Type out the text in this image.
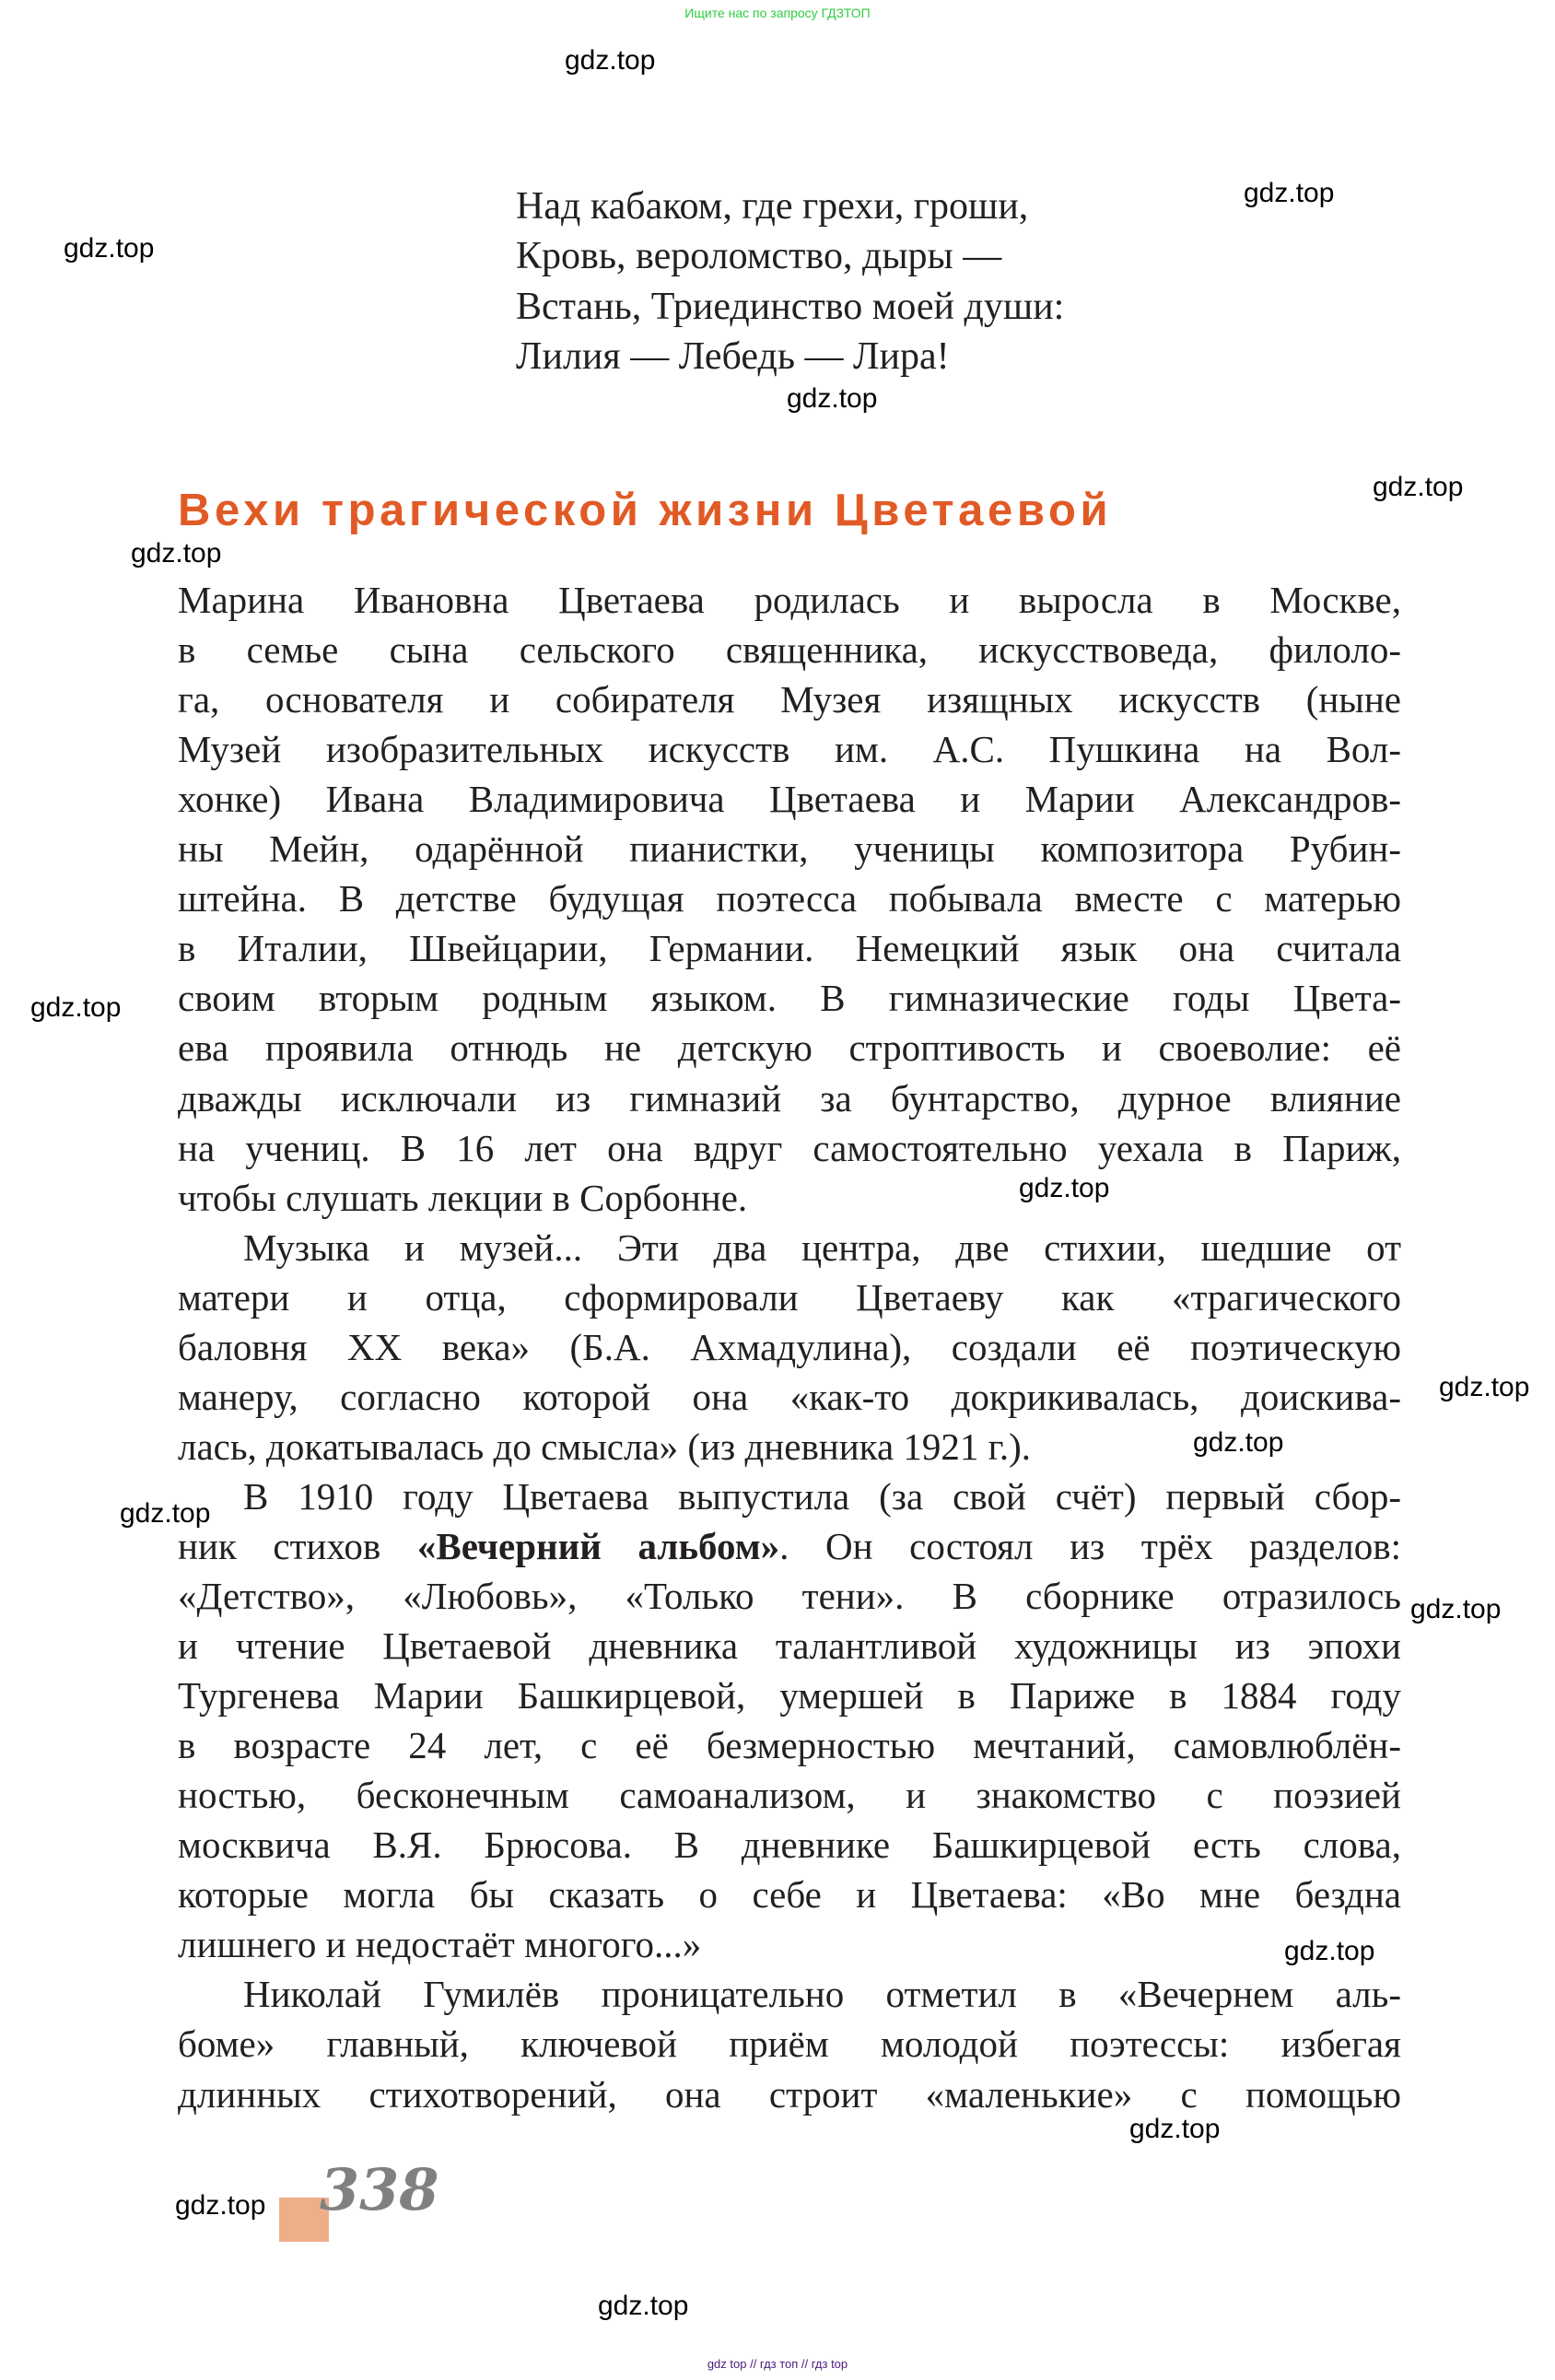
Ищите нас по запросу ГДЗТОП
Над кабаком, где грехи, гроши,
Кровь, вероломство, дыры —
Встань, Триединство моей души:
Лилия — Лебедь — Лира!
Вехи трагической жизни Цветаевой
Марина Ивановна Цветаева родилась и выросла в Москве,
в семье сына сельского священника, искусствоведа, филоло-
га, основателя и собирателя Музея изящных искусств (ныне
Музей изобразительных искусств им. А.С. Пушкина на Вол-
хонке) Ивана Владимировича Цветаева и Марии Александров-
ны Мейн, одарённой пианистки, ученицы композитора Рубин-
штейна. В детстве будущая поэтесса побывала вместе с матерью
в Италии, Швейцарии, Германии. Немецкий язык она считала
своим вторым родным языком. В гимназические годы Цвета-
ева проявила отнюдь не детскую строптивость и своеволие: её
дважды исключали из гимназий за бунтарство, дурное влияние
на учениц. В 16 лет она вдруг самостоятельно уехала в Париж,
чтобы слушать лекции в Сорбонне.
Музыка и музей... Эти два центра, две стихии, шедшие от
матери и отца, сформировали Цветаеву как «трагического
баловня XX века» (Б.А. Ахмадулина), создали её поэтическую
манеру, согласно которой она «как-то докрикивалась, доискива-
лась, докатывалась до смысла» (из дневника 1921 г.).
В 1910 году Цветаева выпустила (за свой счёт) первый сбор-
ник стихов «Вечерний альбом». Он состоял из трёх разделов:
«Детство», «Любовь», «Только тени». В сборнике отразилось
и чтение Цветаевой дневника талантливой художницы из эпохи
Тургенева Марии Башкирцевой, умершей в Париже в 1884 году
в возрасте 24 лет, с её безмерностью мечтаний, самовлюблён-
ностью, бесконечным самоанализом, и знакомство с поэзией
москвича В.Я. Брюсова. В дневнике Башкирцевой есть слова,
которые могла бы сказать о себе и Цветаева: «Во мне бездна
лишнего и недостаёт многого...»
Николай Гумилёв проницательно отметил в «Вечернем аль-
боме» главный, ключевой приём молодой поэтессы: избегая
длинных стихотворений, она строит «маленькие» с помощью
gdz.top
gdz.top
gdz.top
gdz.top
gdz.top
gdz.top
gdz.top
gdz.top
gdz.top
gdz.top
gdz.top
gdz.top
gdz.top
gdz.top
gdz.top
gdz.top
338
gdz top // гдз топ // гдз top
